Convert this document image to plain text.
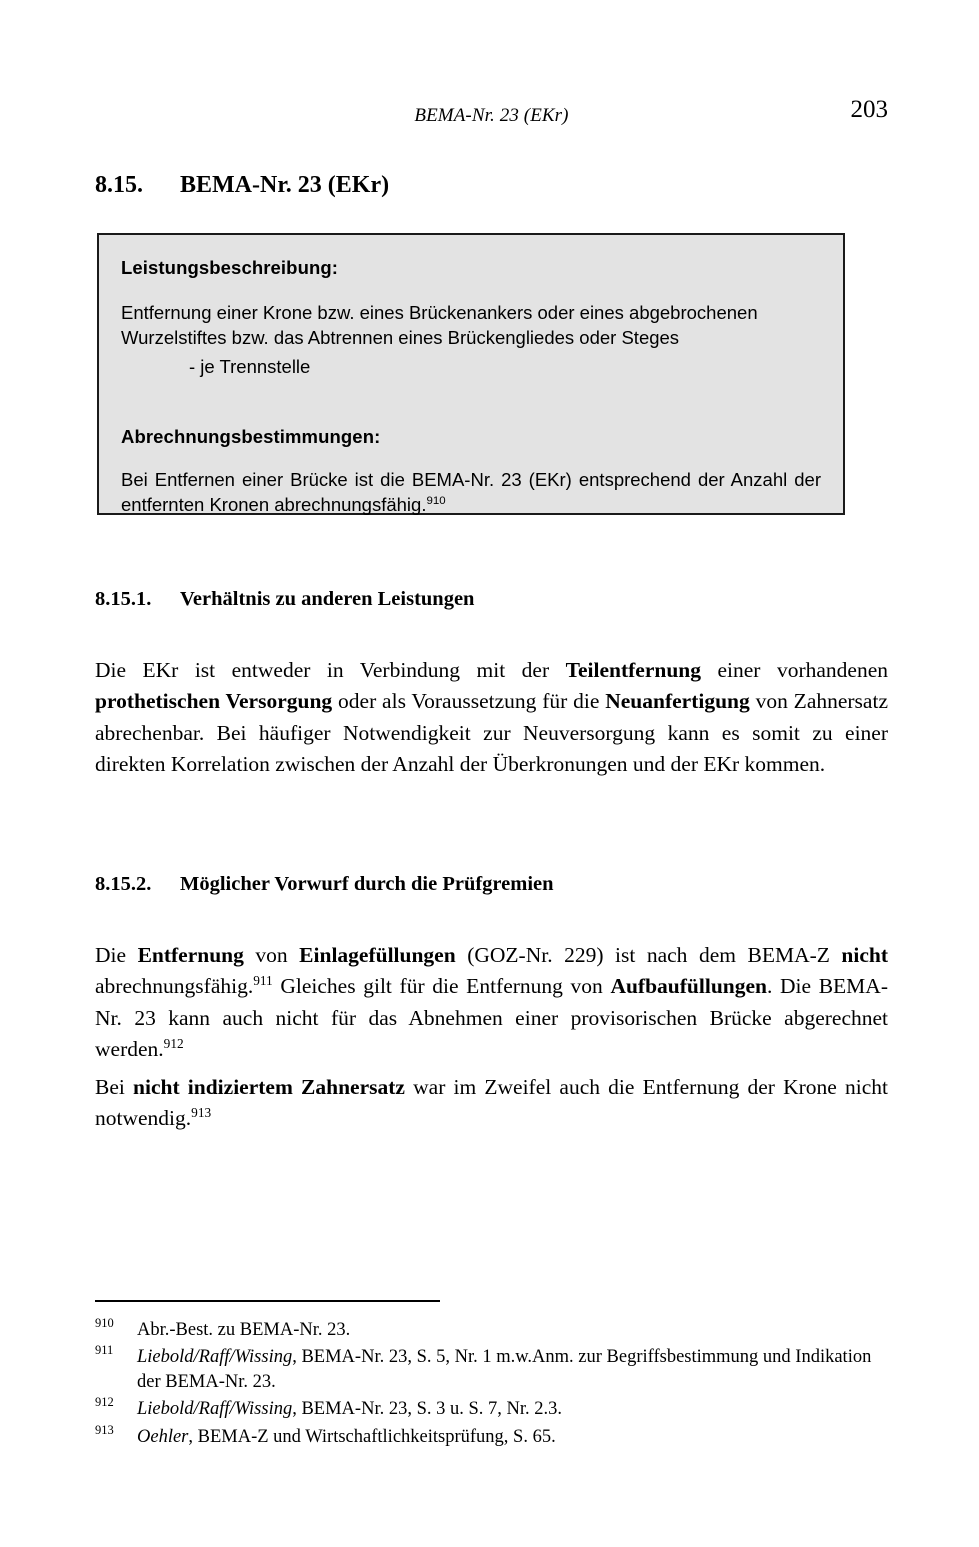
BEMA-Nr. 23 (EKr)	203
8.15. BEMA-Nr. 23 (EKr)

Leistungsbeschreibung:

Entfernung einer Krone bzw. eines Brückenankers oder eines abgebrochenen Wurzelstiftes bzw. das Abtrennen eines Brückengliedes oder Steges

- je Trennstelle

Abrechnungsbestimmungen:

Bei Entfernen einer Brücke ist die BEMA-Nr. 23 (EKr) entsprechend der Anzahl der entfernten Kronen abrechnungsfähig.$^{910}$

8.15.1. Verhältnis zu anderen Leistungen
Die EKr ist entweder in Verbindung mit der Teilentfernung einer vorhandenen prothetischen Versorgung oder als Voraussetzung für die Neuanfertigung von Zahnersatz abrechenbar. Bei häufiger Notwendigkeit zur Neuversorgung kann es somit zu einer direkten Korrelation zwischen der Anzahl der Überkronungen und der EKr kommen.
8.15.2. Möglicher Vorwurf durch die Prüfgremien
Die Entfernung von Einlagefüllungen (GOZ-Nr. 229) ist nach dem BEMA-Z nicht abrechnungsfähig.$^{911}$ Gleiches gilt für die Entfernung von Aufbaufüllungen. Die BEMA-Nr. 23 kann auch nicht für das Abnehmen einer provisorischen Brücke abgerechnet werden.$^{912}$
Bei nicht indiziertem Zahnersatz war im Zweifel auch die Entfernung der Krone nicht notwendig.$^{913}$
910 Abr.-Best. zu BEMA-Nr. 23.
911 Liebold/Raff/Wissing, BEMA-Nr. 23, S. 5, Nr. 1 m.w.Anm. zur Begriffsbestimmung und Indikation der BEMA-Nr. 23.
912 Liebold/Raff/Wissing, BEMA-Nr. 23, S. 3 u. S. 7, Nr. 2.3.
913 Oehler, BEMA-Z und Wirtschaftlichkeitsprüfung, S. 65.
